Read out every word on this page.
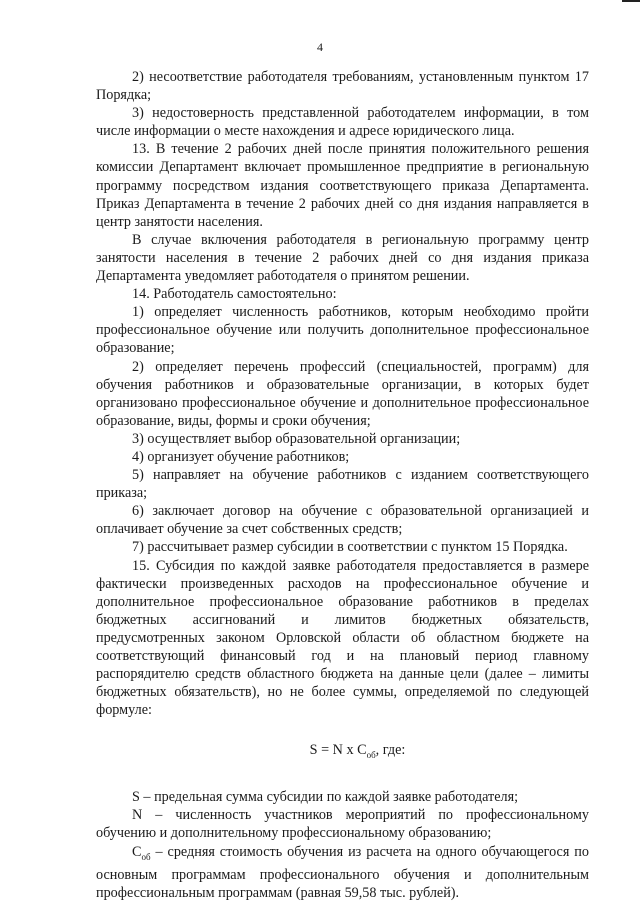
4

2) несоответствие работодателя требованиям, установленным пунктом 17 Порядка;

3) недостоверность представленной работодателем информации, в том числе информации о месте нахождения и адресе юридического лица.

13. В течение 2 рабочих дней после принятия положительного решения комиссии Департамент включает промышленное предприятие в региональную программу посредством издания соответствующего приказа Департамента. Приказ Департамента в течение 2 рабочих дней со дня издания направляется в центр занятости населения.

В случае включения работодателя в региональную программу центр занятости населения в течение 2 рабочих дней со дня издания приказа Департамента уведомляет работодателя о принятом решении.

14. Работодатель самостоятельно:

1) определяет численность работников, которым необходимо пройти профессиональное обучение или получить дополнительное профессиональное образование;

2) определяет перечень профессий (специальностей, программ) для обучения работников и образовательные организации, в которых будет организовано профессиональное обучение и дополнительное профессиональное образование, виды, формы и сроки обучения;

3) осуществляет выбор образовательной организации;

4) организует обучение работников;

5) направляет на обучение работников с изданием соответствующего приказа;

6) заключает договор на обучение с образовательной организацией и оплачивает обучение за счет собственных средств;

7) рассчитывает размер субсидии в соответствии с пунктом 15 Порядка.

15. Субсидия по каждой заявке работодателя предоставляется в размере фактически произведенных расходов на профессиональное обучение и дополнительное профессиональное образование работников в пределах бюджетных ассигнований и лимитов бюджетных обязательств, предусмотренных законом Орловской области об областном бюджете на соответствующий финансовый год и на плановый период главному распорядителю средств областного бюджета на данные цели (далее – лимиты бюджетных обязательств), но не более суммы, определяемой по следующей формуле:

S = N x $C_{об}$, где:

S – предельная сумма субсидии по каждой заявке работодателя;

N – численность участников мероприятий по профессиональному обучению и дополнительному профессиональному образованию;

$С_{об}$ – средняя стоимость обучения из расчета на одного обучающегося по основным программам профессионального обучения и дополнительным профессиональным программам (равная 59,58 тыс. рублей).
